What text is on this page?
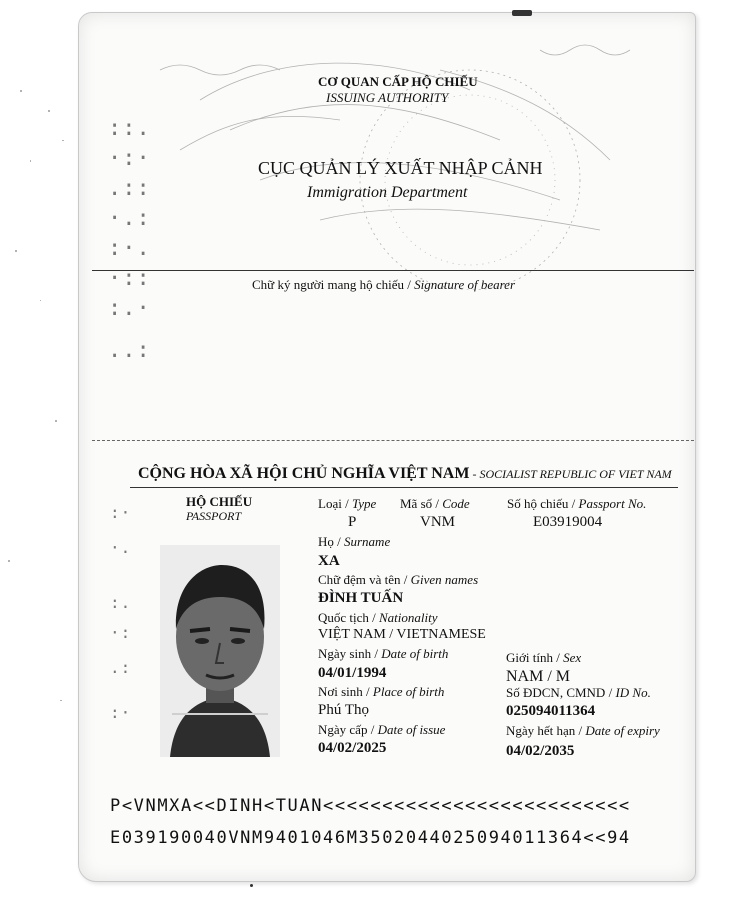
::.
·:·
.::
·.:
:·.
·::
:.·
..:
:·
·.
:.
·:
.:
:·
CƠ QUAN CẤP HỘ CHIẾU
ISSUING AUTHORITY
CỤC QUẢN LÝ XUẤT NHẬP CẢNH
Immigration Department
Chữ ký người mang hộ chiếu / Signature of bearer
CỘNG HÒA XÃ HỘI CHỦ NGHĨA VIỆT NAM - SOCIALIST REPUBLIC OF VIET NAM
HỘ CHIẾU
PASSPORT
Loại / Type
P
Mã số / Code
VNM
Số hộ chiếu / Passport No.
E03919004
Họ / Surname
XA
Chữ đệm và tên / Given names
ĐÌNH TUẤN
Quốc tịch / Nationality
VIỆT NAM / VIETNAMESE
Ngày sinh / Date of birth
04/01/1994
Giới tính / Sex
NAM / M
Nơi sinh / Place of birth
Phú Thọ
Số ĐDCN, CMND / ID No.
025094011364
Ngày cấp / Date of issue
04/02/2025
Ngày hết hạn / Date of expiry
04/02/2035
P<VNMXA<<DINH<TUAN<<<<<<<<<<<<<<<<<<<<<<<<<<
E039190040VNM9401046M3502044025094011364<<94
